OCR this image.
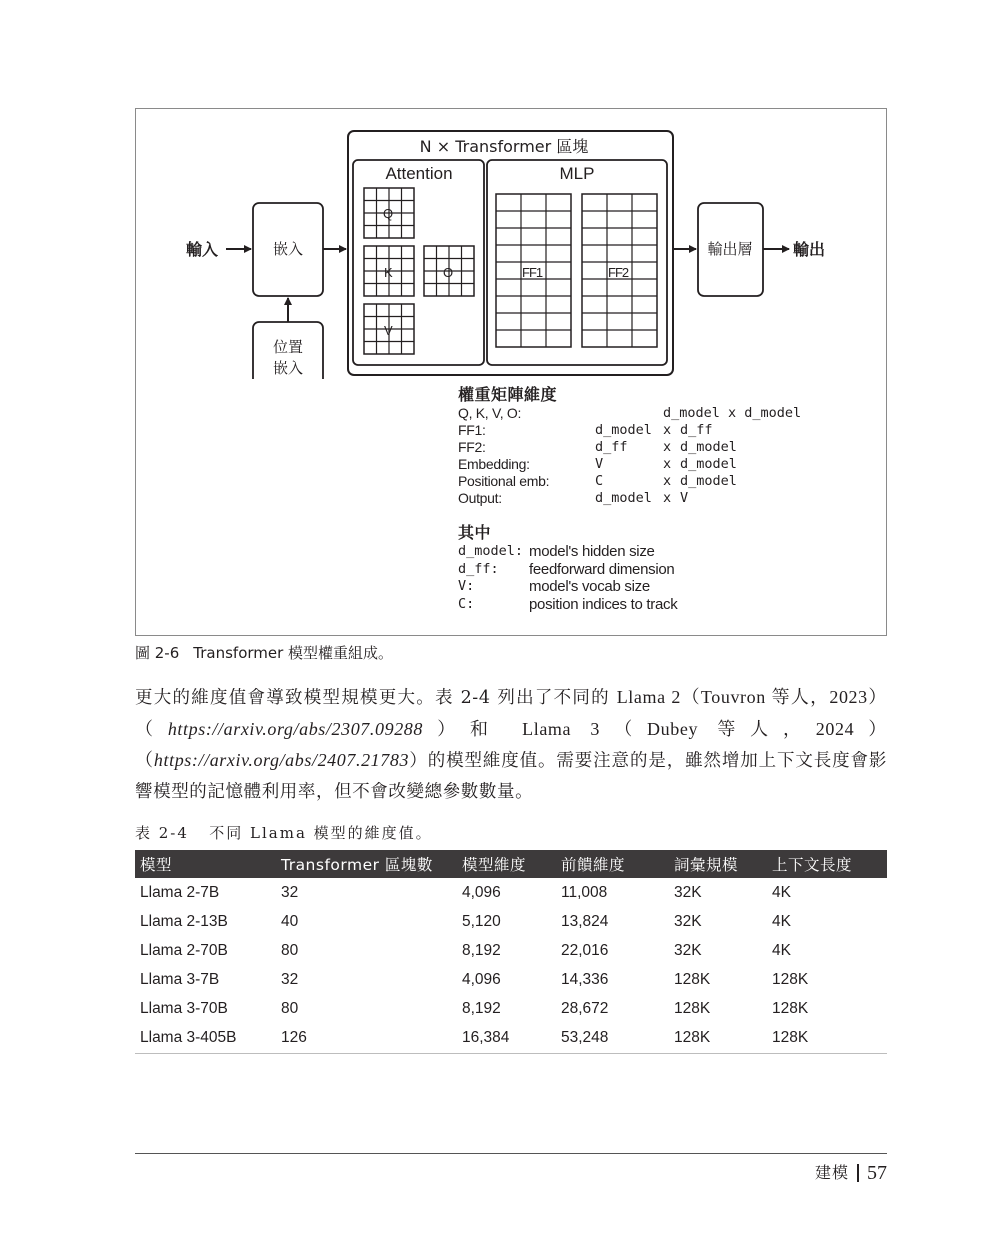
N × Transformer 區塊
Attention	MLP
Q
K	O
V
FF1	FF2
輸入	嵌入
位置
嵌入
輸出層	輸出
權重矩陣維度
Q, K, V, O:	d_model x d_model
FF1:	d_model x d_ff
FF2:	d_ff	x d_model
Embedding:	V	x d_model
Positional emb:	C	x d_model
Output:	d_model x V
其中
d_model: model's hidden size
d_ff: feedforward dimension
V:	model's vocab size
C:	position indices to track
圖 2-6 Transformer 模型權重組成。

更大的維度值會導致模型規模更大。表 2-4 列出了不同的 Llama 2（Touvron 等人，2023）（https://arxiv.org/abs/2307.09288）和 Llama 3（Dubey 等人，2024）（https://arxiv.org/abs/2407.21783）的模型維度值。需要注意的是，雖然增加上下文長度會影響模型的記憶體利用率，但不會改變總參數數量。

表 2-4 不同 Llama 模型的維度值。
模型	Transformer 區塊數	模型維度	前饋維度	詞彙規模	上下文長度
Llama 2-7B	32	4,096	11,008	32K	4K
Llama 2-13B	40	5,120	13,824	32K	4K
Llama 2-70B	80	8,192	22,016	32K	4K
Llama 3-7B	32	4,096	14,336	128K	128K
Llama 3-70B	80	8,192	28,672	128K	128K
Llama 3-405B	126	16,384	53,248	128K	128K
建模 57
